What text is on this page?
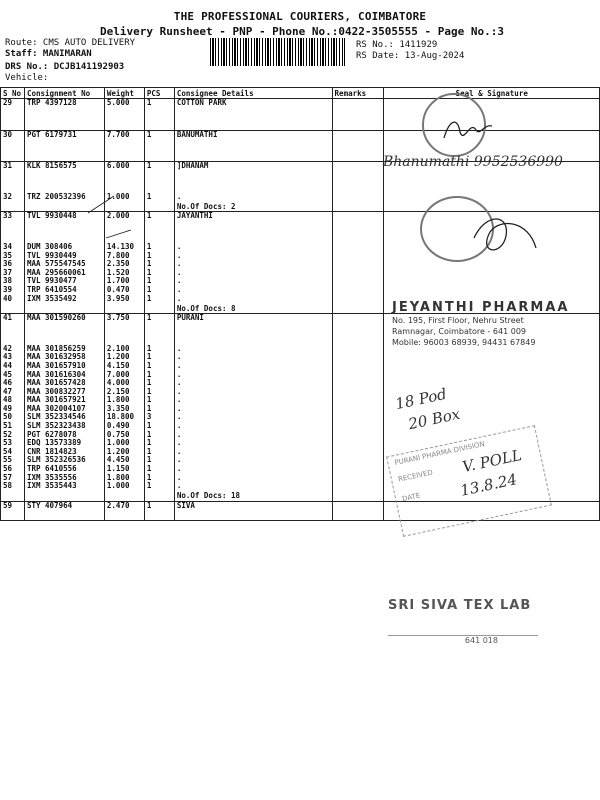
THE PROFESSIONAL COURIERS, COIMBATORE
Delivery Runsheet - PNP - Phone No.:0422-3505555 - Page No.:3
Route: CMS AUTO DELIVERY
Staff: MANIMARAN
DRS No.: DCJB141192903
Vehicle:
RS No.: 1411929
RS Date: 13-Aug-2024
S No	Consignment No	Weight	PCS	Consignee Details	Remarks	Seal & Signature
29	TRP 4397128	5.000	1	COTTON PARK		

30	PGT 6179731	7.700	1	BANUMATHI		

31	KLK 8156575	6.000	1	]DHANAM		

32	TRZ 200532396	1.000	1	.		
				No.Of Docs: 2		
33	TVL 9930448	2.000	1	JAYANTHI		

34	DUM 308406	14.130	1	.		
35	TVL 9930449	7.800	1	.		
36	MAA 575547545	2.350	1	.		
37	MAA 295660061	1.520	1	.		
38	TVL 9930477	1.700	1	.		
39	TRP 6410554	0.470	1	.		
40	IXM 3535492	3.950	1	.		
				No.Of Docs: 8		
41	MAA 301590260	3.750	1	PURANI		

42	MAA 301856259	2.100	1	.		
43	MAA 301632958	1.200	1	.		
44	MAA 301657910	4.150	1	.		
45	MAA 301616304	7.000	1	.		
46	MAA 301657428	4.000	1	.		
47	MAA 300832277	2.150	1	.		
48	MAA 301657921	1.800	1	.		
49	MAA 302004107	3.350	1	.		
50	SLM 352334546	18.800	3	.		
51	SLM 352323438	0.490	1	.		
52	PGT 6278078	0.750	1	.		
53	EDQ 13573389	1.000	1	.		
54	CNR 1814823	1.200	1	.		
55	SLM 352326536	4.450	1	.		
56	TRP 6410556	1.150	1	.		
57	IXM 3535556	1.800	1	.		
58	IXM 3535443	1.000	1	.		
				No.Of Docs: 18		
59	STY 407964	2.470	1	SIVA		

Bhanumathi 9952536990
JEYANTHI PHARMAA
No. 195, First Floor, Nehru Street
Ramnagar, Coimbatore - 641 009
Mobile: 96003 68939, 94431 67849
18 Pod
20 Box
PURANI PHARMA DIVISION
RECEIVED
DATE
V. POLL
13.8.24
SRI SIVA TEX LAB
641 018
